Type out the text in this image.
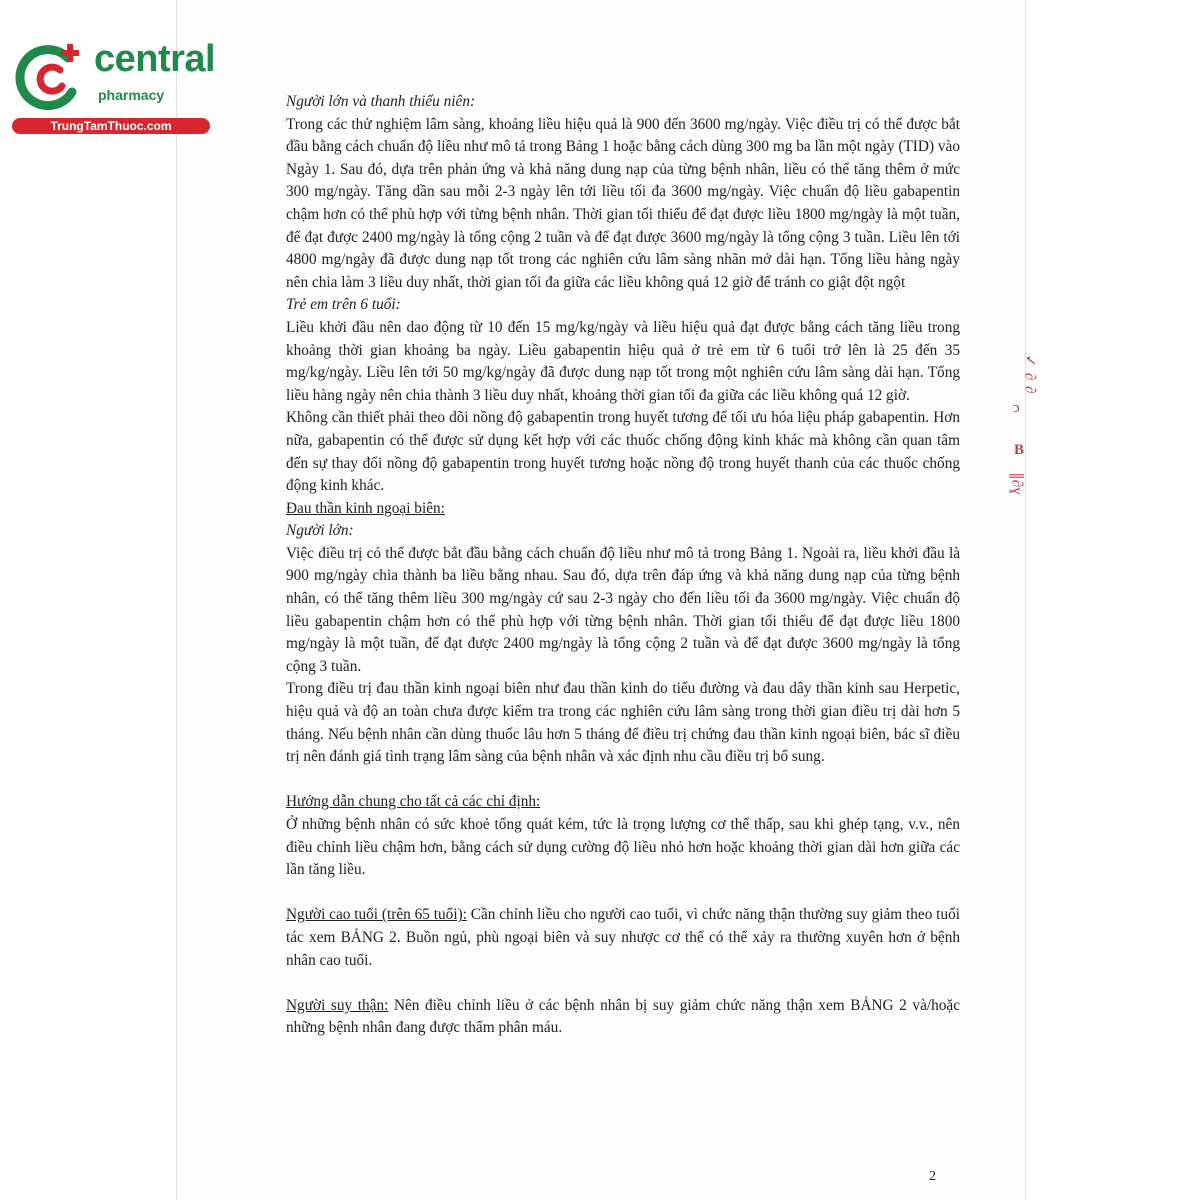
central
pharmacy
TrungTamThuoc.com
✓ ∂ ∂
ↄ
B
∥∂ɣ

Người lớn và thanh thiếu niên:

Trong các thử nghiệm lâm sàng, khoảng liều hiệu quả là 900 đến 3600 mg/ngày. Việc điều trị có thể được bắt đầu bằng cách chuẩn độ liều như mô tả trong Bảng 1 hoặc bằng cách dùng 300 mg ba lần một ngày (TID) vào Ngày 1. Sau đó, dựa trên phản ứng và khả năng dung nạp của từng bệnh nhân, liều có thể tăng thêm ở mức 300 mg/ngày. Tăng dần sau mỗi 2-3 ngày lên tới liều tối đa 3600 mg/ngày. Việc chuẩn độ liều gabapentin chậm hơn có thể phù hợp với từng bệnh nhân. Thời gian tối thiểu để đạt được liều 1800 mg/ngày là một tuần, để đạt được 2400 mg/ngày là tổng cộng 2 tuần và để đạt được 3600 mg/ngày là tổng cộng 3 tuần. Liều lên tới 4800 mg/ngày đã được dung nạp tốt trong các nghiên cứu lâm sàng nhãn mở dài hạn. Tổng liều hàng ngày nên chia làm 3 liều duy nhất, thời gian tối đa giữa các liều không quá 12 giờ để tránh co giật đột ngột

Trẻ em trên 6 tuổi:

Liều khởi đầu nên dao động từ 10 đến 15 mg/kg/ngày và liều hiệu quả đạt được bằng cách tăng liều trong khoảng thời gian khoảng ba ngày. Liều gabapentin hiệu quả ở trẻ em từ 6 tuổi trở lên là 25 đến 35 mg/kg/ngày. Liều lên tới 50 mg/kg/ngày đã được dung nạp tốt trong một nghiên cứu lâm sàng dài hạn. Tổng liều hàng ngày nên chia thành 3 liều duy nhất, khoảng thời gian tối đa giữa các liều không quá 12 giờ.

Không cần thiết phải theo dõi nồng độ gabapentin trong huyết tương để tối ưu hóa liệu pháp gabapentin. Hơn nữa, gabapentin có thể được sử dụng kết hợp với các thuốc chống động kinh khác mà không cần quan tâm đến sự thay đổi nồng độ gabapentin trong huyết tương hoặc nồng độ trong huyết thanh của các thuốc chống động kinh khác.

Đau thần kinh ngoại biên:

Người lớn:

Việc điều trị có thể được bắt đầu bằng cách chuẩn độ liều như mô tả trong Bảng 1. Ngoài ra, liều khởi đầu là 900 mg/ngày chia thành ba liều bằng nhau. Sau đó, dựa trên đáp ứng và khả năng dung nạp của từng bệnh nhân, có thể tăng thêm liều 300 mg/ngày cứ sau 2-3 ngày cho đến liều tối đa 3600 mg/ngày. Việc chuẩn độ liều gabapentin chậm hơn có thể phù hợp với từng bệnh nhân. Thời gian tối thiểu để đạt được liều 1800 mg/ngày là một tuần, để đạt được 2400 mg/ngày là tổng cộng 2 tuần và để đạt được 3600 mg/ngày là tổng cộng 3 tuần.

Trong điều trị đau thần kinh ngoại biên như đau thần kinh do tiểu đường và đau dây thần kinh sau Herpetic, hiệu quả và độ an toàn chưa được kiểm tra trong các nghiên cứu lâm sàng trong thời gian điều trị dài hơn 5 tháng. Nếu bệnh nhân cần dùng thuốc lâu hơn 5 tháng để điều trị chứng đau thần kinh ngoại biên, bác sĩ điều trị nên đánh giá tình trạng lâm sàng của bệnh nhân và xác định nhu cầu điều trị bổ sung.

Hướng dẫn chung cho tất cả các chỉ định:

Ở những bệnh nhân có sức khoẻ tổng quát kém, tức là trọng lượng cơ thể thấp, sau khi ghép tạng, v.v., nên điều chỉnh liều chậm hơn, bằng cách sử dụng cường độ liều nhỏ hơn hoặc khoảng thời gian dài hơn giữa các lần tăng liều.

Người cao tuổi (trên 65 tuổi): Cần chỉnh liều cho người cao tuổi, vì chức năng thận thường suy giảm theo tuổi tác xem BẢNG 2. Buồn ngủ, phù ngoại biên và suy nhược cơ thể có thể xảy ra thường xuyên hơn ở bệnh nhân cao tuổi.

Người suy thận: Nên điều chỉnh liều ở các bệnh nhân bị suy giảm chức năng thận xem BẢNG 2 và/hoặc những bệnh nhân đang được thẩm phân máu.

2
